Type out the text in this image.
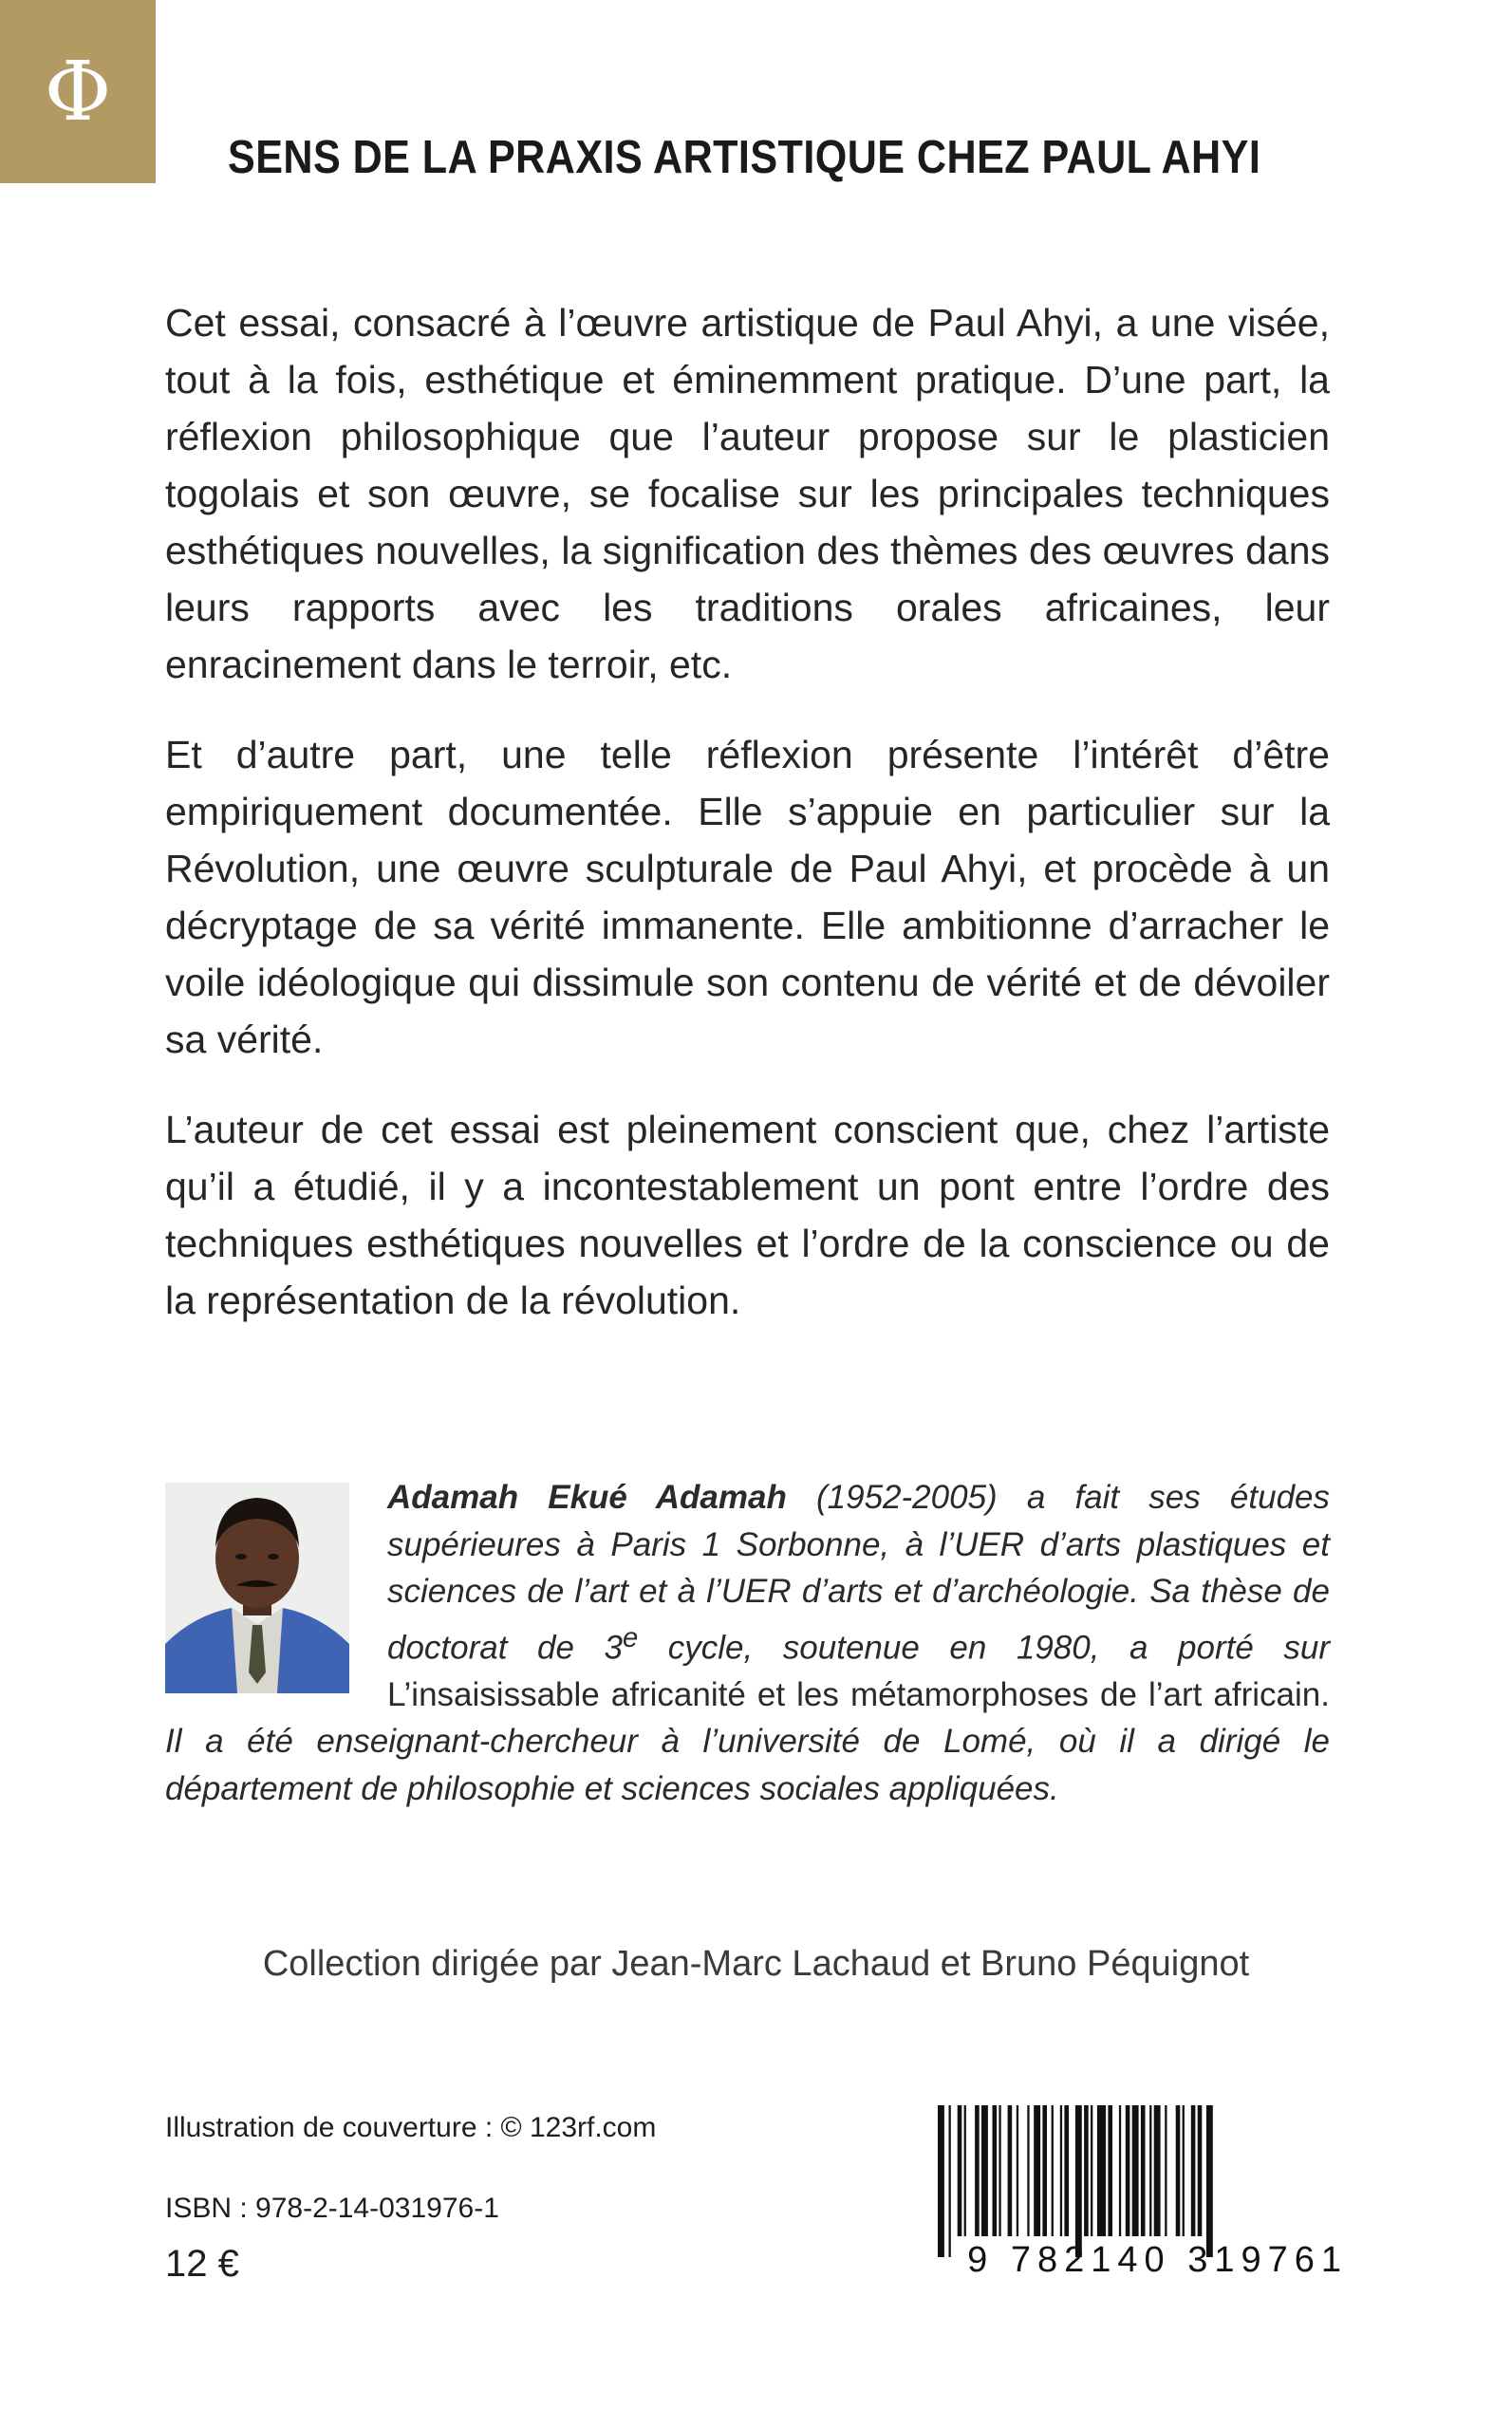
Φ
SENS DE LA PRAXIS ARTISTIQUE CHEZ PAUL AHYI

Cet essai, consacré à l’œuvre artistique de Paul Ahyi, a une visée, tout à la fois, esthétique et éminemment pratique. D’une part, la réflexion philosophique que l’auteur propose sur le plasticien togolais et son œuvre, se focalise sur les principales techniques esthétiques nouvelles, la signification des thèmes des œuvres dans leurs rapports avec les traditions orales africaines, leur enracinement dans le terroir, etc.

Et d’autre part, une telle réflexion présente l’intérêt d’être empiriquement documentée. Elle s’appuie en particulier sur la Révolution, une œuvre sculpturale de Paul Ahyi, et procède à un décryptage de sa vérité immanente. Elle ambitionne d’arracher le voile idéologique qui dissimule son contenu de vérité et de dévoiler sa vérité.

L’auteur de cet essai est pleinement conscient que, chez l’artiste qu’il a étudié, il y a incontestablement un pont entre l’ordre des techniques esthétiques nouvelles et l’ordre de la conscience ou de la représentation de la révolution.

Adamah Ekué Adamah (1952-2005) a fait ses études supérieures à Paris 1 Sorbonne, à l’UER d’arts plastiques et sciences de l’art et à l’UER d’arts et d’archéologie. Sa thèse de doctorat de 3e cycle, soutenue en 1980, a porté sur L’insaisissable africanité et les métamorphoses de l’art africain. Il a été enseignant-chercheur à l’université de Lomé, où il a dirigé le département de philosophie et sciences sociales appliquées.
Collection dirigée par Jean-Marc Lachaud et Bruno Péquignot
Illustration de couverture : © 123rf.com
ISBN : 978-2-14-031976-1
12 €	9 782140 319761
